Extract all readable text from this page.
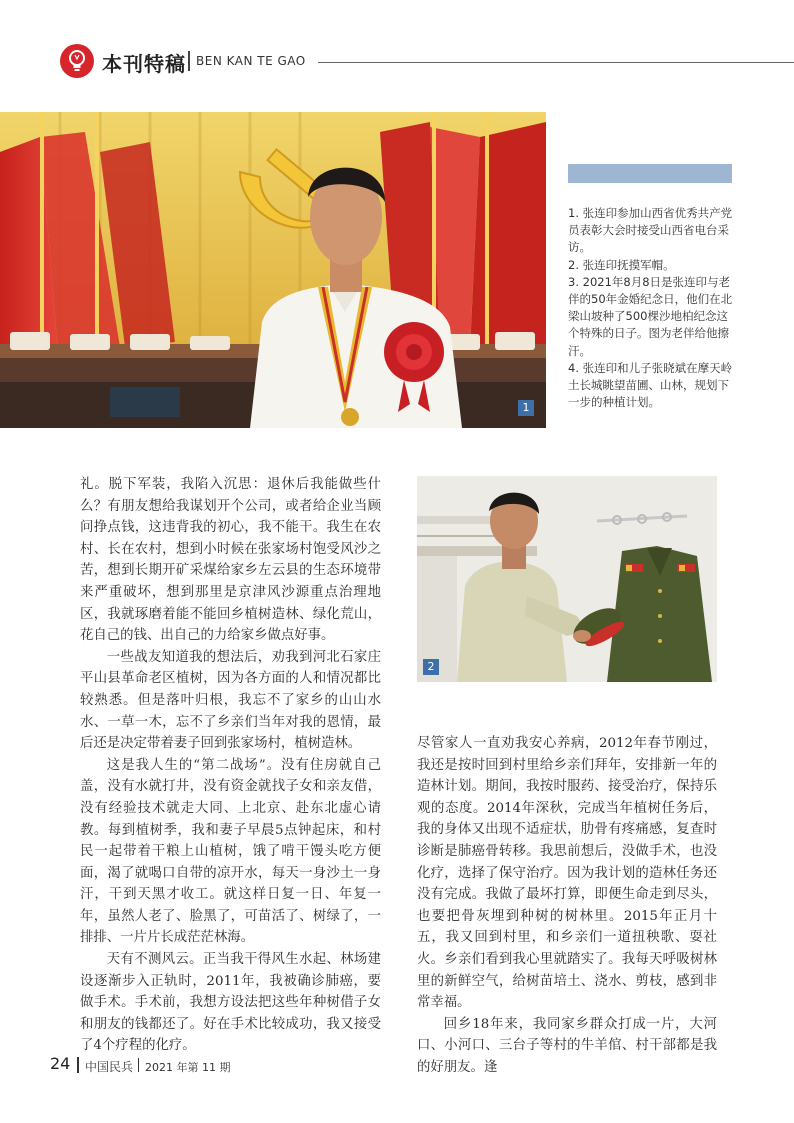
本刊特稿 BEN KAN TE GAO
1

1. 张连印参加山西省优秀共产党员表彰大会时接受山西省电台采访。

2. 张连印抚摸军帽。

3. 2021年8月8日是张连印与老伴的50年金婚纪念日，他们在北梁山坡种了500棵沙地柏纪念这个特殊的日子。图为老伴给他擦汗。

4. 张连印和儿子张晓斌在摩天岭土长城眺望苗圃、山林，规划下一步的种植计划。

2

礼。脱下军装，我陷入沉思：退休后我能做些什么？有朋友想给我谋划开个公司，或者给企业当顾问挣点钱，这违背我的初心，我不能干。我生在农村、长在农村，想到小时候在张家场村饱受风沙之苦，想到长期开矿采煤给家乡左云县的生态环境带来严重破坏，想到那里是京津风沙源重点治理地区，我就琢磨着能不能回乡植树造林、绿化荒山，花自己的钱、出自己的力给家乡做点好事。

一些战友知道我的想法后，劝我到河北石家庄平山县革命老区植树，因为各方面的人和情况都比较熟悉。但是落叶归根，我忘不了家乡的山山水水、一草一木，忘不了乡亲们当年对我的恩情，最后还是决定带着妻子回到张家场村，植树造林。

这是我人生的“第二战场”。没有住房就自己盖，没有水就打井，没有资金就找子女和亲友借，没有经验技术就走大同、上北京、赴东北虚心请教。每到植树季，我和妻子早晨5点钟起床，和村民一起带着干粮上山植树，饿了啃干馒头吃方便面，渴了就喝口自带的凉开水，每天一身沙土一身汗，干到天黑才收工。就这样日复一日、年复一年，虽然人老了、脸黑了，可苗活了、树绿了，一排排、一片片长成茫茫林海。

天有不测风云。正当我干得风生水起、林场建设逐渐步入正轨时，2011年，我被确诊肺癌，要做手术。手术前，我想方设法把这些年种树借子女和朋友的钱都还了。好在手术比较成功，我又接受了4个疗程的化疗。

尽管家人一直劝我安心养病，2012年春节刚过，我还是按时回到村里给乡亲们拜年，安排新一年的造林计划。期间，我按时服药、接受治疗，保持乐观的态度。2014年深秋，完成当年植树任务后，我的身体又出现不适症状，肋骨有疼痛感，复查时诊断是肺癌骨转移。我思前想后，没做手术，也没化疗，选择了保守治疗。因为我计划的造林任务还没有完成。我做了最坏打算，即便生命走到尽头，也要把骨灰埋到种树的树林里。2015年正月十五，我又回到村里，和乡亲们一道扭秧歌、耍社火。乡亲们看到我心里就踏实了。我每天呼吸树林里的新鲜空气，给树苗培土、浇水、剪枝，感到非常幸福。

回乡18年来，我同家乡群众打成一片，大河口、小河口、三台子等村的牛羊倌、村干部都是我的好朋友。逢

24 中国民兵 2021 年第 11 期
